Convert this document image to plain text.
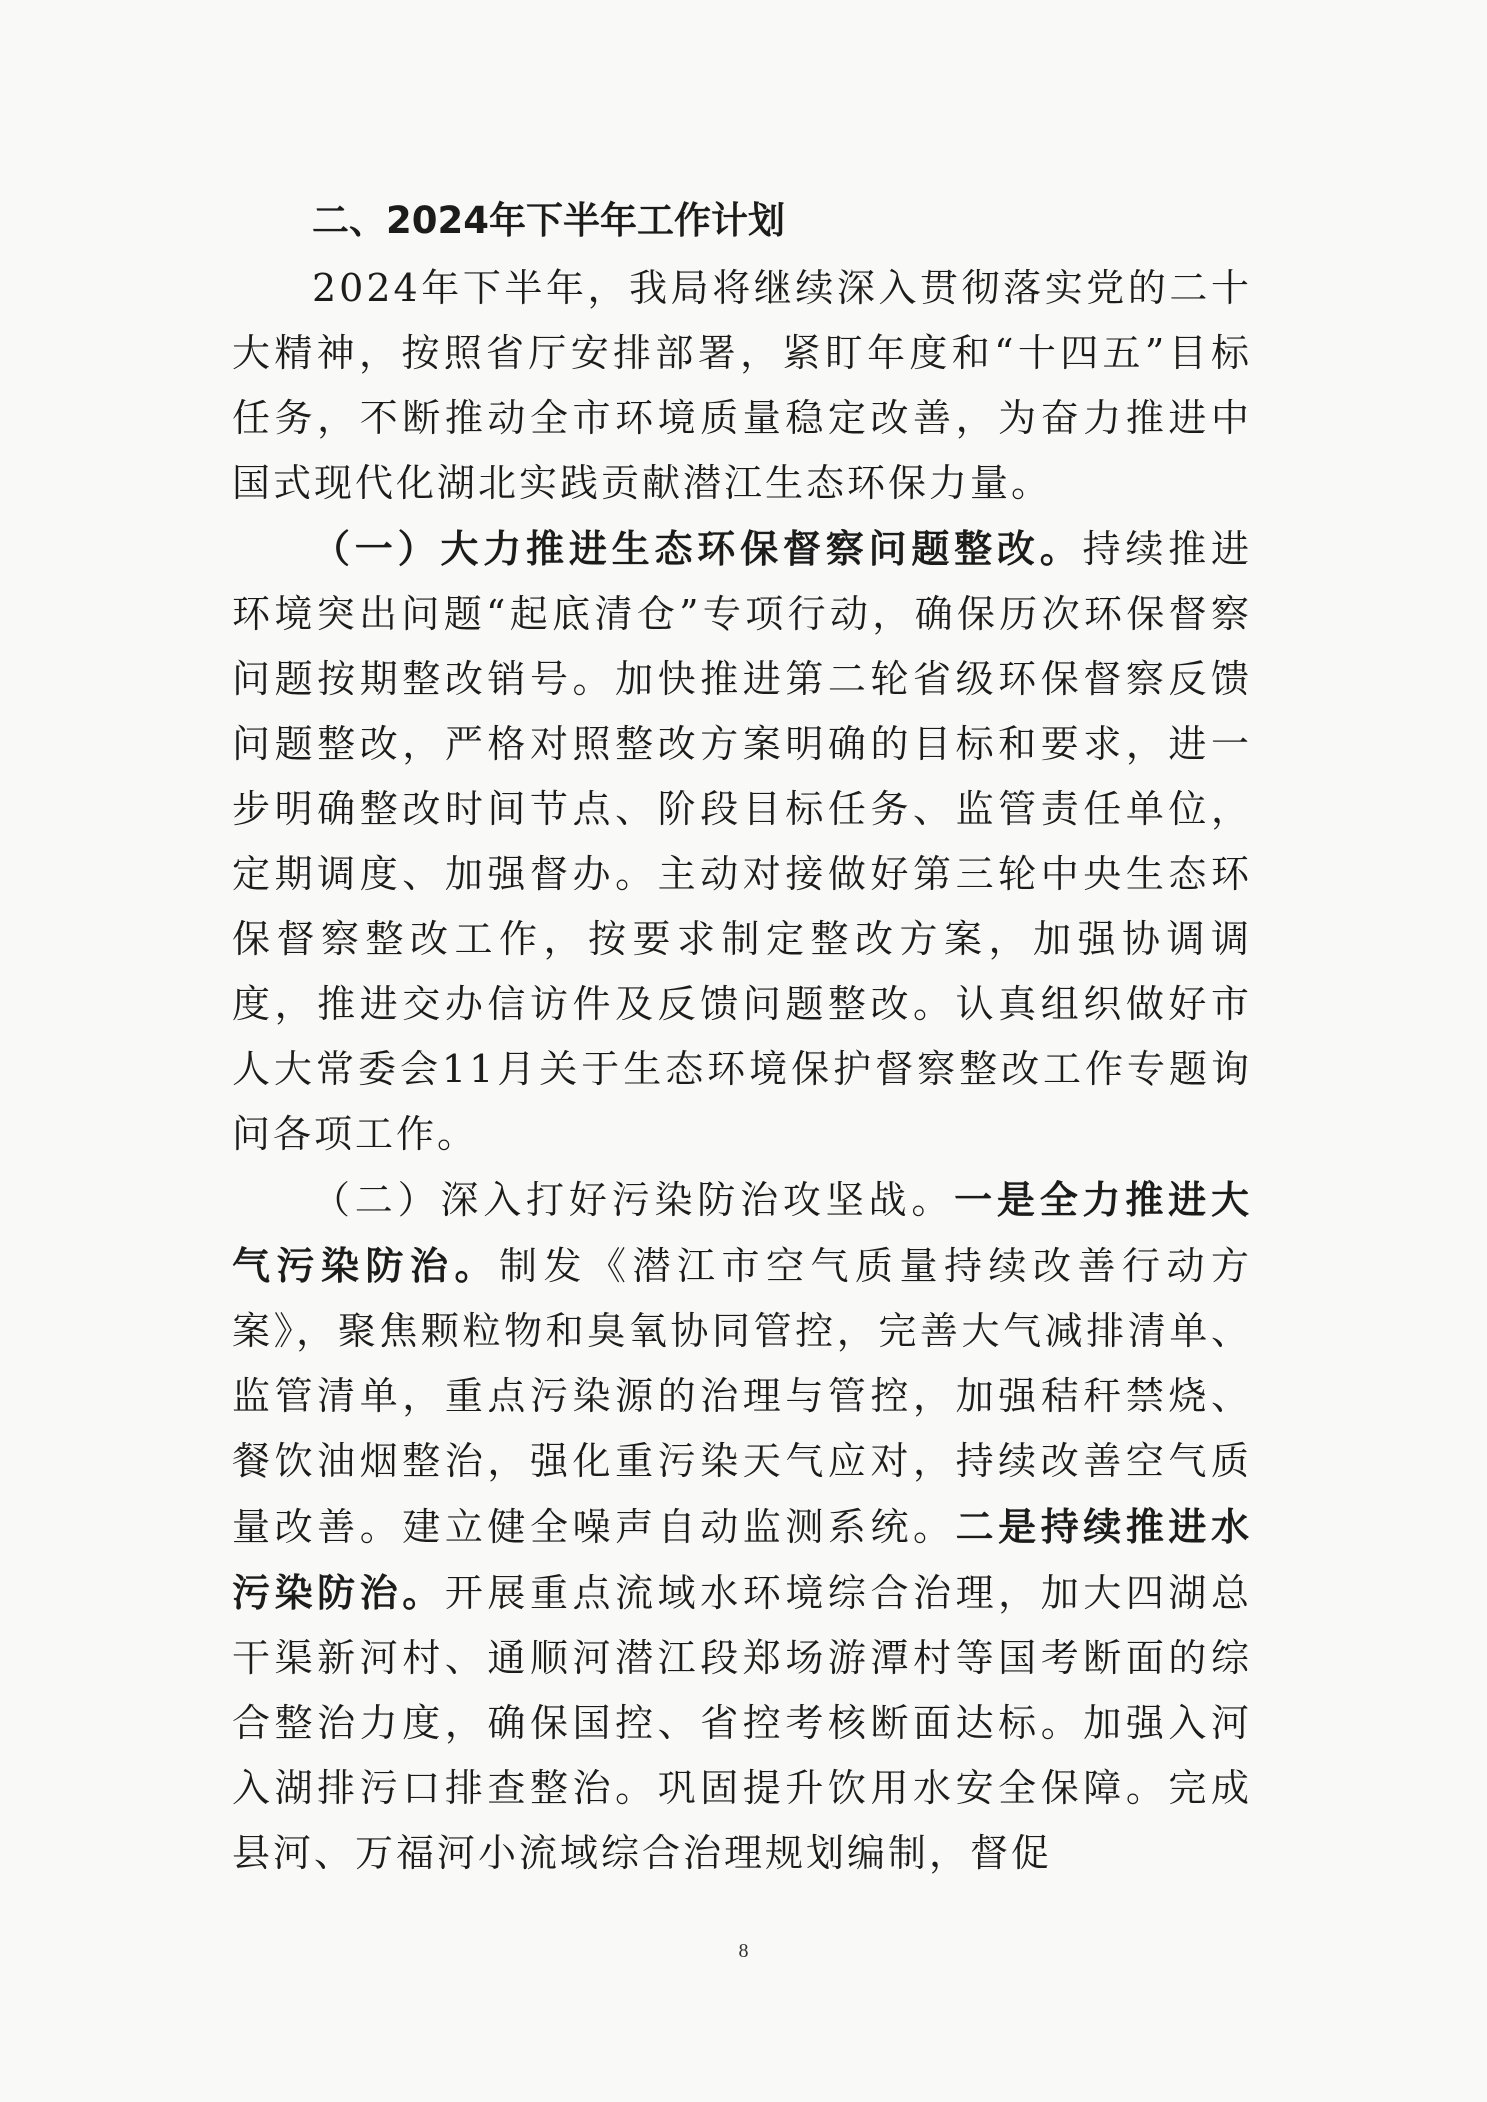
二、2024年下半年工作计划

2024年下半年，我局将继续深入贯彻落实党的二十大精神，按照省厅安排部署，紧盯年度和“十四五”目标任务，不断推动全市环境质量稳定改善，为奋力推进中国式现代化湖北实践贡献潜江生态环保力量。

（一）大力推进生态环保督察问题整改。持续推进环境突出问题“起底清仓”专项行动，确保历次环保督察问题按期整改销号。加快推进第二轮省级环保督察反馈问题整改，严格对照整改方案明确的目标和要求，进一步明确整改时间节点、阶段目标任务、监管责任单位，定期调度、加强督办。主动对接做好第三轮中央生态环保督察整改工作，按要求制定整改方案，加强协调调度，推进交办信访件及反馈问题整改。认真组织做好市人大常委会11月关于生态环境保护督察整改工作专题询问各项工作。

（二）深入打好污染防治攻坚战。一是全力推进大气污染防治。制发《潜江市空气质量持续改善行动方案》，聚焦颗粒物和臭氧协同管控，完善大气减排清单、监管清单，重点污染源的治理与管控，加强秸秆禁烧、餐饮油烟整治，强化重污染天气应对，持续改善空气质量改善。建立健全噪声自动监测系统。二是持续推进水污染防治。开展重点流域水环境综合治理，加大四湖总干渠新河村、通顺河潜江段郑场游潭村等国考断面的综合整治力度，确保国控、省控考核断面达标。加强入河入湖排污口排查整治。巩固提升饮用水安全保障。完成县河、万福河小流域综合治理规划编制，督促

8
